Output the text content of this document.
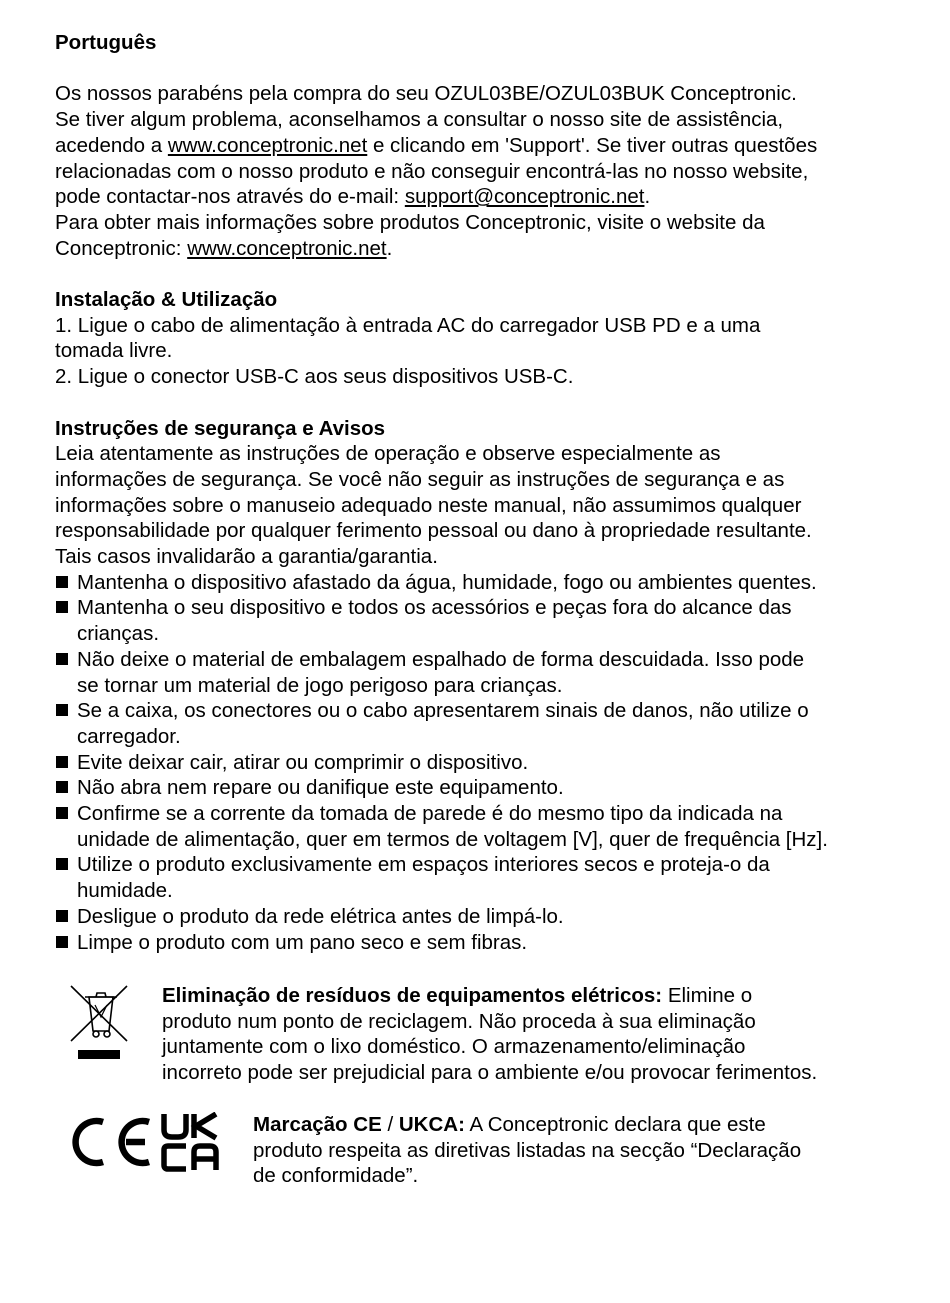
Português

Os nossos parabéns pela compra do seu OZUL03BE/OZUL03BUK Conceptronic.

Se tiver algum problema, aconselhamos a consultar o nosso site de assistência,

acedendo a www.conceptronic.net e clicando em 'Support'. Se tiver outras questões

relacionadas com o nosso produto e não conseguir encontrá-las no nosso website,

pode contactar-nos através do e-mail: support@conceptronic.net.

Para obter mais informações sobre produtos Conceptronic, visite o website da

Conceptronic: www.conceptronic.net.

Instalação & Utilização

1. Ligue o cabo de alimentação à entrada AC do carregador USB PD e a uma

tomada livre.

2. Ligue o conector USB-C aos seus dispositivos USB-C.

Instruções de segurança e Avisos

Leia atentamente as instruções de operação e observe especialmente as

informações de segurança. Se você não seguir as instruções de segurança e as

informações sobre o manuseio adequado neste manual, não assumimos qualquer

responsabilidade por qualquer ferimento pessoal ou dano à propriedade resultante.

Tais casos invalidarão a garantia/garantia.

Mantenha o dispositivo afastado da água, humidade, fogo ou ambientes quentes.
Mantenha o seu dispositivo e todos os acessórios e peças fora do alcance das
crianças.
Não deixe o material de embalagem espalhado de forma descuidada. Isso pode
se tornar um material de jogo perigoso para crianças.
Se a caixa, os conectores ou o cabo apresentarem sinais de danos, não utilize o
carregador.
Evite deixar cair, atirar ou comprimir o dispositivo.
Não abra nem repare ou danifique este equipamento.
Confirme se a corrente da tomada de parede é do mesmo tipo da indicada na
unidade de alimentação, quer em termos de voltagem [V], quer de frequência [Hz].
Utilize o produto exclusivamente em espaços interiores secos e proteja-o da
humidade.
Desligue o produto da rede elétrica antes de limpá-lo.
Limpe o produto com um pano seco e sem fibras.

Eliminação de resíduos de equipamentos elétricos: Elimine o

produto num ponto de reciclagem. Não proceda à sua eliminação

juntamente com o lixo doméstico. O armazenamento/eliminação

incorreto pode ser prejudicial para o ambiente e/ou provocar ferimentos.

Marcação CE / UKCA: A Conceptronic declara que este

produto respeita as diretivas listadas na secção “Declaração

de conformidade”.
